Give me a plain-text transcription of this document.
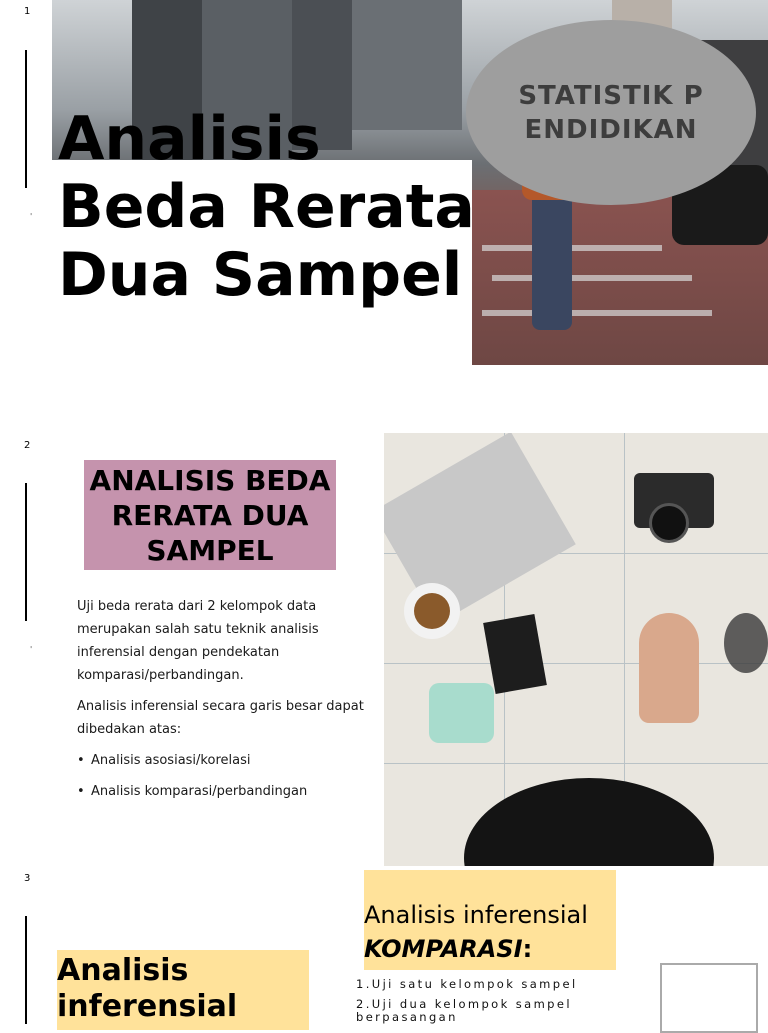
1
'
Analisis Beda Rerata Dua Sampel
STATISTIK PENDIDIKAN
2
'
ANALISIS BEDA RERATA DUA SAMPEL
Uji beda rerata dari 2 kelompok data merupakan salah satu teknik analisis inferensial dengan pendekatan komparasi/perbandingan.
Analisis inferensial secara garis besar dapat dibedakan atas:
• Analisis asosiasi/korelasi
• Analisis komparasi/perbandingan
3
Analisis inferensial
KOMPARASI:
Analisis inferensial
1.Uji satu kelompok sampel
2.Uji dua kelompok sampel berpasangan
